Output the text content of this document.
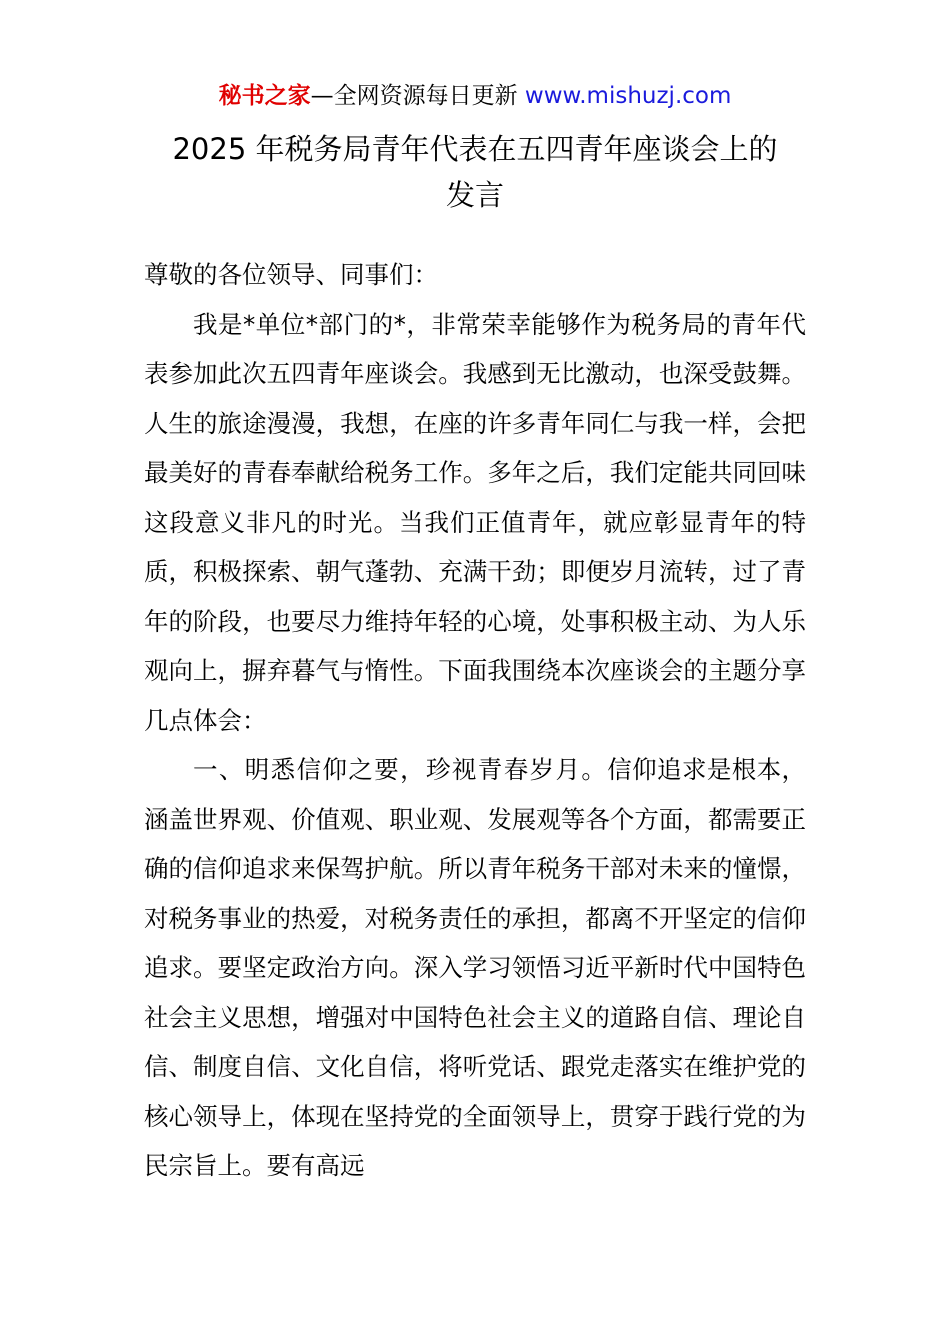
秘书之家—全网资源每日更新 www.mishuzj.com
2025 年税务局青年代表在五四青年座谈会上的
发言

尊敬的各位领导、同事们：

我是*单位*部门的*，非常荣幸能够作为税务局的青年代表参加此次五四青年座谈会。我感到无比激动，也深受鼓舞。人生的旅途漫漫，我想，在座的许多青年同仁与我一样，会把最美好的青春奉献给税务工作。多年之后，我们定能共同回味这段意义非凡的时光。当我们正值青年，就应彰显青年的特质，积极探索、朝气蓬勃、充满干劲；即便岁月流转，过了青年的阶段，也要尽力维持年轻的心境，处事积极主动、为人乐观向上，摒弃暮气与惰性。下面我围绕本次座谈会的主题分享几点体会：

一、明悉信仰之要，珍视青春岁月。信仰追求是根本，涵盖世界观、价值观、职业观、发展观等各个方面，都需要正确的信仰追求来保驾护航。所以青年税务干部对未来的憧憬，对税务事业的热爱，对税务责任的承担，都离不开坚定的信仰追求。要坚定政治方向。深入学习领悟习近平新时代中国特色社会主义思想，增强对中国特色社会主义的道路自信、理论自信、制度自信、文化自信，将听党话、跟党走落实在维护党的核心领导上，体现在坚持党的全面领导上，贯穿于践行党的为民宗旨上。要有高远
